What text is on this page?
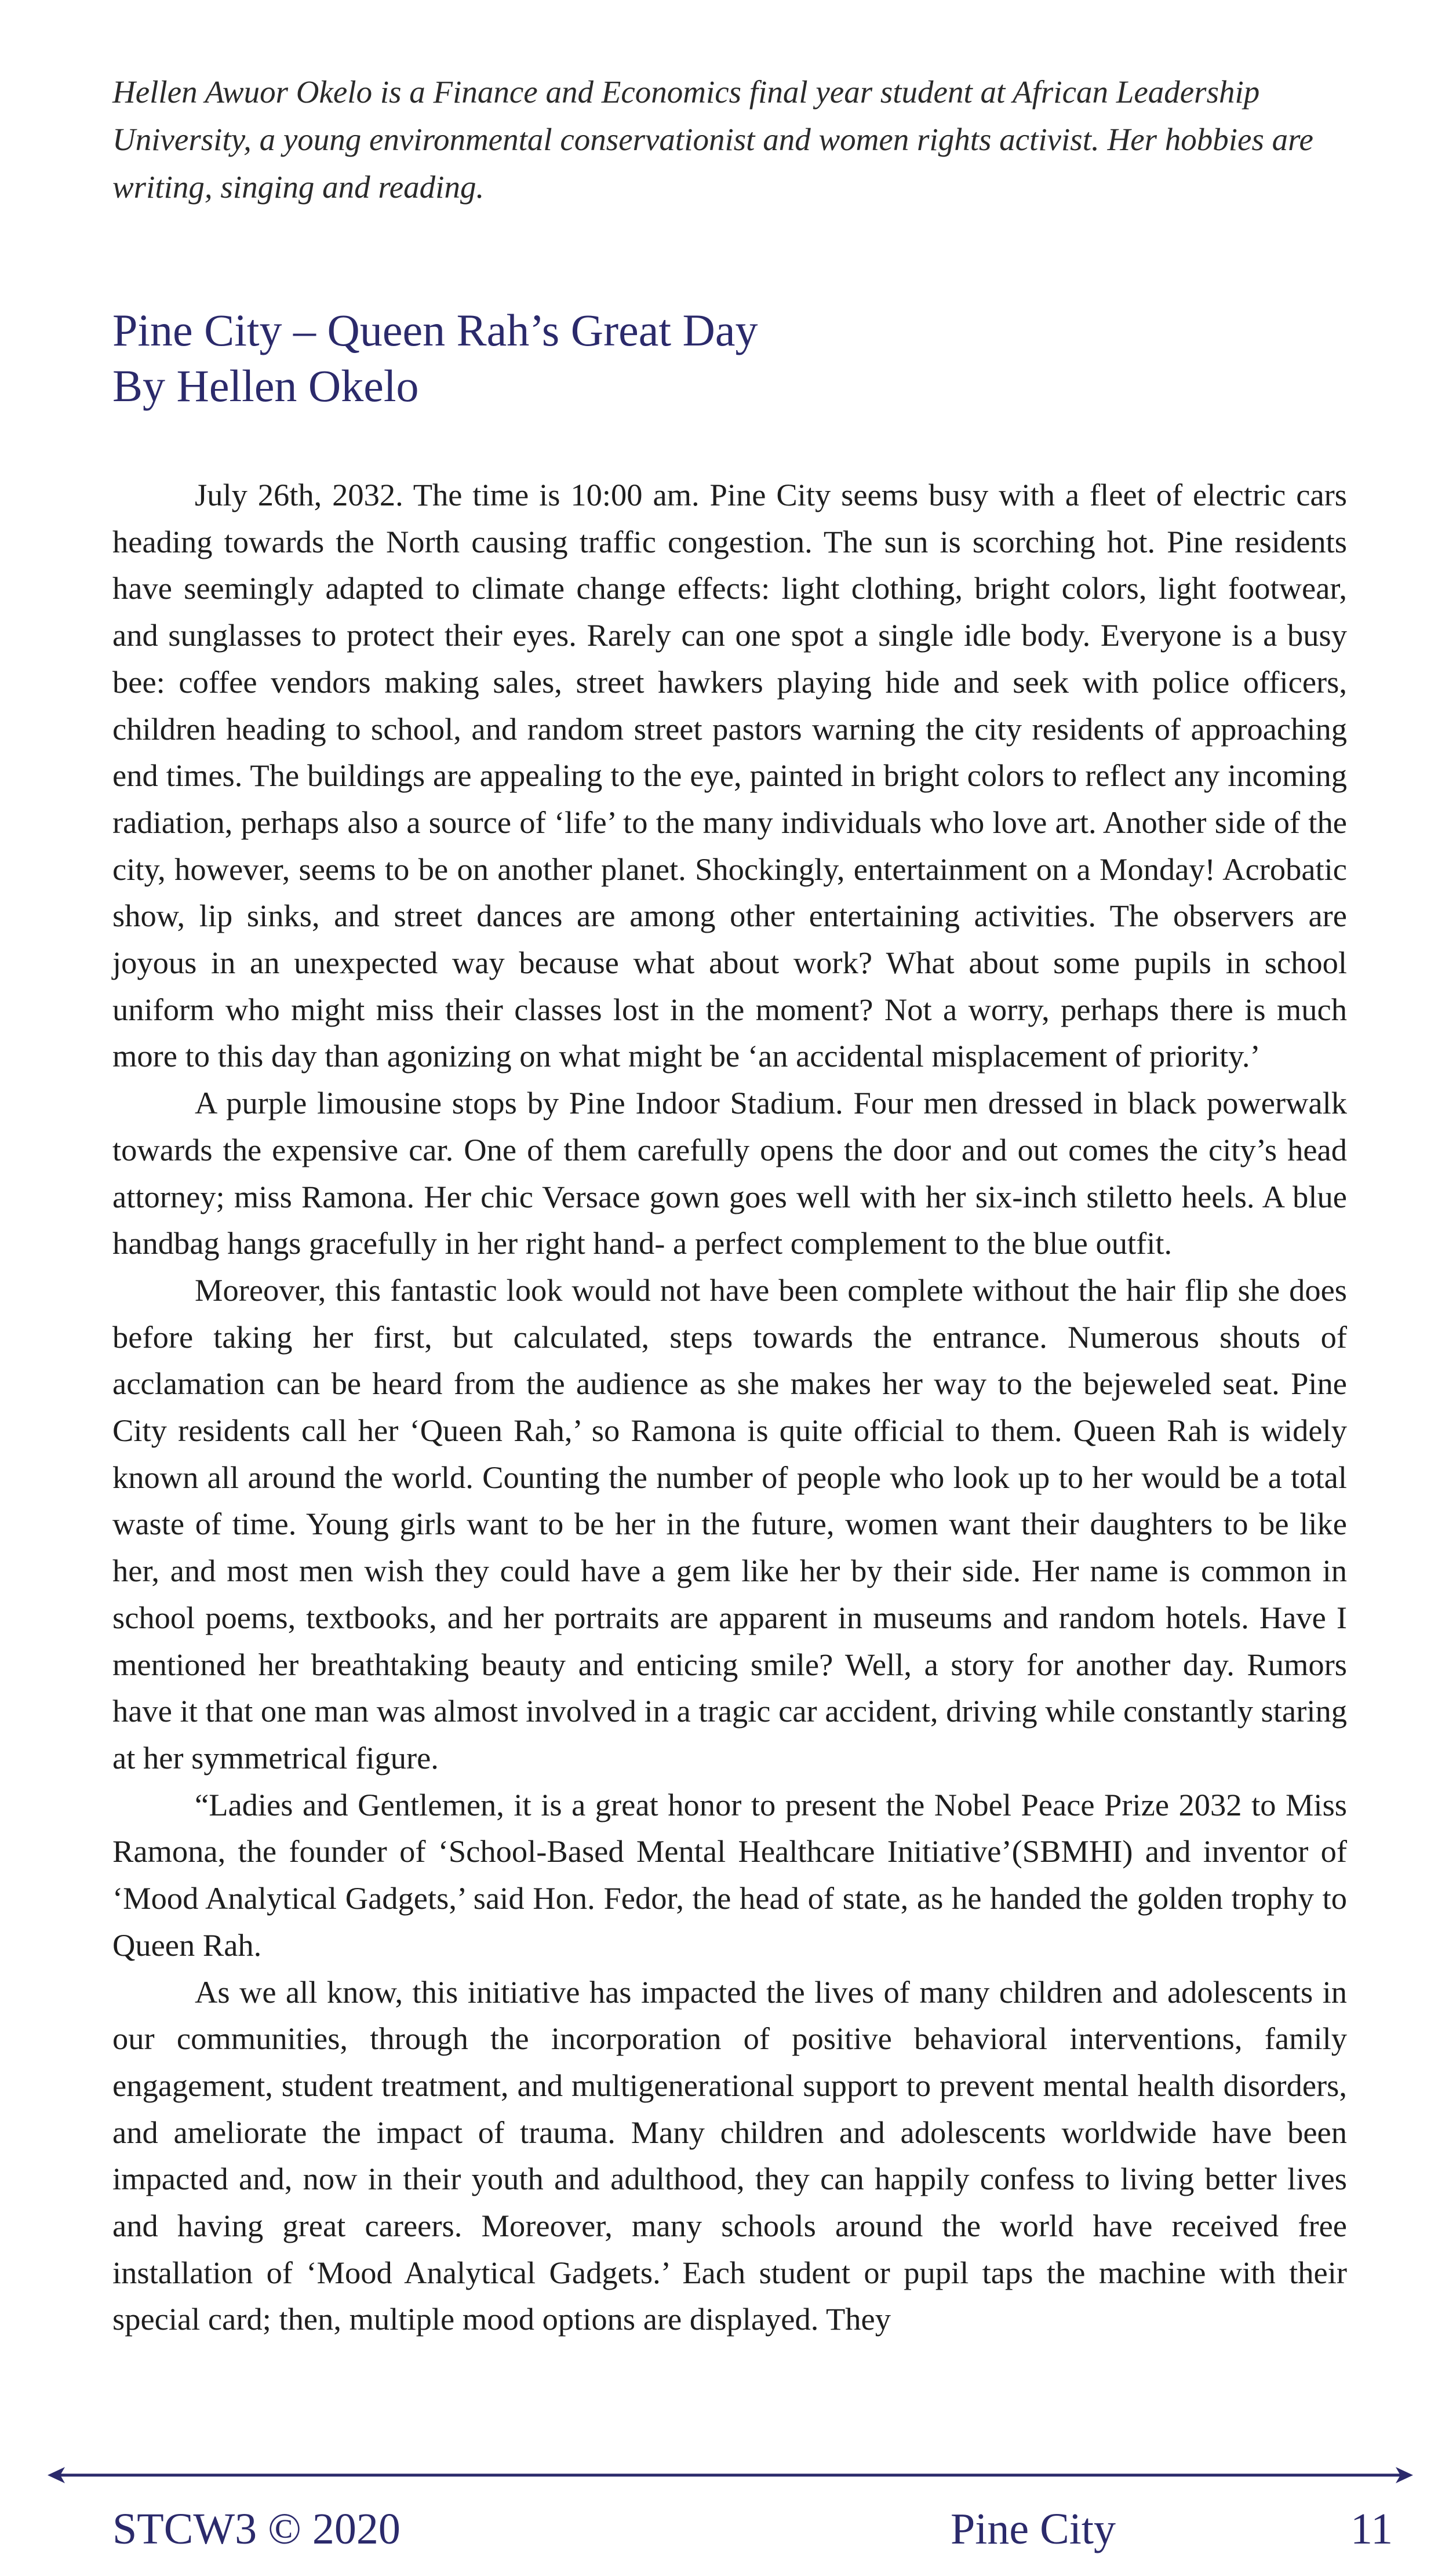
Hellen Awuor Okelo is a Finance and Economics final year student at African Leadership University, a young environmental conservationist and women rights activist. Her hobbies are writing, singing and reading.

Pine City – Queen Rah’s Great Day
By Hellen Okelo

July 26th, 2032. The time is 10:00 am. Pine City seems busy with a fleet of electric cars heading towards the North causing traffic congestion. The sun is scorching hot. Pine residents have seemingly adapted to climate change effects: light clothing, bright colors, light footwear, and sunglasses to protect their eyes. Rarely can one spot a single idle body. Everyone is a busy bee: coffee vendors making sales, street hawkers playing hide and seek with police officers, children heading to school, and random street pastors warning the city residents of approaching end times. The buildings are appealing to the eye, painted in bright colors to reflect any incoming radiation, perhaps also a source of ‘life’ to the many individuals who love art. Another side of the city, however, seems to be on another planet. Shockingly, entertainment on a Monday! Acrobatic show, lip sinks, and street dances are among other entertaining activities. The observers are joyous in an unexpected way because what about work? What about some pupils in school uniform who might miss their classes lost in the moment? Not a worry, perhaps there is much more to this day than agonizing on what might be ‘an accidental misplacement of priority.’

A purple limousine stops by Pine Indoor Stadium. Four men dressed in black powerwalk towards the expensive car. One of them carefully opens the door and out comes the city’s head attorney; miss Ramona. Her chic Versace gown goes well with her six-inch stiletto heels. A blue handbag hangs gracefully in her right hand- a perfect complement to the blue outfit.

Moreover, this fantastic look would not have been complete without the hair flip she does before taking her first, but calculated, steps towards the entrance. Numerous shouts of acclamation can be heard from the audience as she makes her way to the bejeweled seat. Pine City residents call her ‘Queen Rah,’ so Ramona is quite official to them. Queen Rah is widely known all around the world. Counting the number of people who look up to her would be a total waste of time. Young girls want to be her in the future, women want their daughters to be like her, and most men wish they could have a gem like her by their side. Her name is common in school poems, textbooks, and her portraits are apparent in museums and random hotels. Have I mentioned her breathtaking beauty and enticing smile? Well, a story for another day. Rumors have it that one man was almost involved in a tragic car accident, driving while constantly staring at her symmetrical figure.

“Ladies and Gentlemen, it is a great honor to present the Nobel Peace Prize 2032 to Miss Ramona, the founder of ‘School-Based Mental Healthcare Initiative’(SBMHI) and inventor of ‘Mood Analytical Gadgets,’ said Hon. Fedor, the head of state, as he handed the golden trophy to Queen Rah.

As we all know, this initiative has impacted the lives of many children and adolescents in our communities, through the incorporation of positive behavioral interventions, family engagement, student treatment, and multigenerational support to prevent mental health disorders, and ameliorate the impact of trauma. Many children and adolescents worldwide have been impacted and, now in their youth and adulthood, they can happily confess to living better lives and having great careers. Moreover, many schools around the world have received free installation of ‘Mood Analytical Gadgets.’ Each student or pupil taps the machine with their special card; then, multiple mood options are displayed. They

STCW3 © 2020	Pine City	11
